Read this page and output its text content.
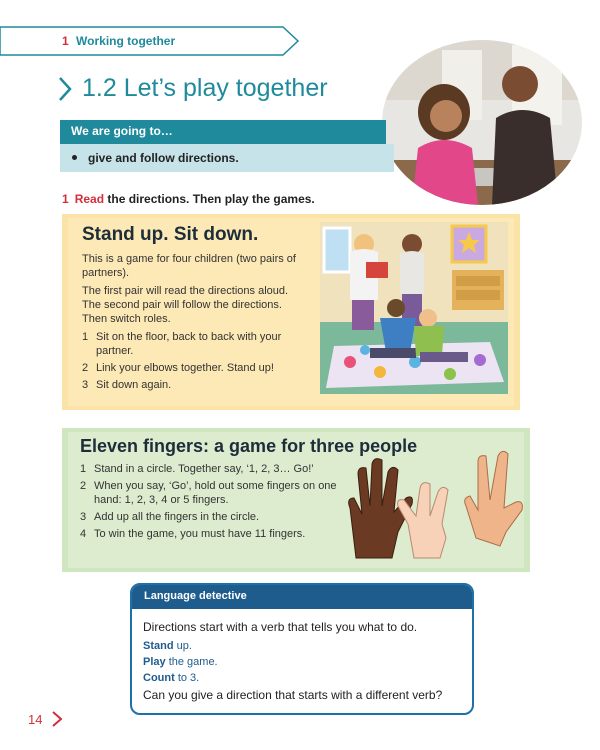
1 Working together
1.2 Let’s play together
We are going to…
give and follow directions.
1 Read the directions. Then play the games.
Stand up. Sit down.
This is a game for four children (two pairs of partners).
The first pair will read the directions aloud. The second pair will follow the directions. Then switch roles.
1 Sit on the floor, back to back with your partner.
2 Link your elbows together. Stand up!
3 Sit down again.
Eleven fingers: a game for three people
1 Stand in a circle. Together say, ‘1, 2, 3… Go!’
2 When you say, ‘Go’, hold out some fingers on one hand: 1, 2, 3, 4 or 5 fingers.
3 Add up all the fingers in the circle.
4 To win the game, you must have 11 fingers.
Language detective
Directions start with a verb that tells you what to do.
Stand up.
Play the game.
Count to 3.
Can you give a direction that starts with a different verb?
14
